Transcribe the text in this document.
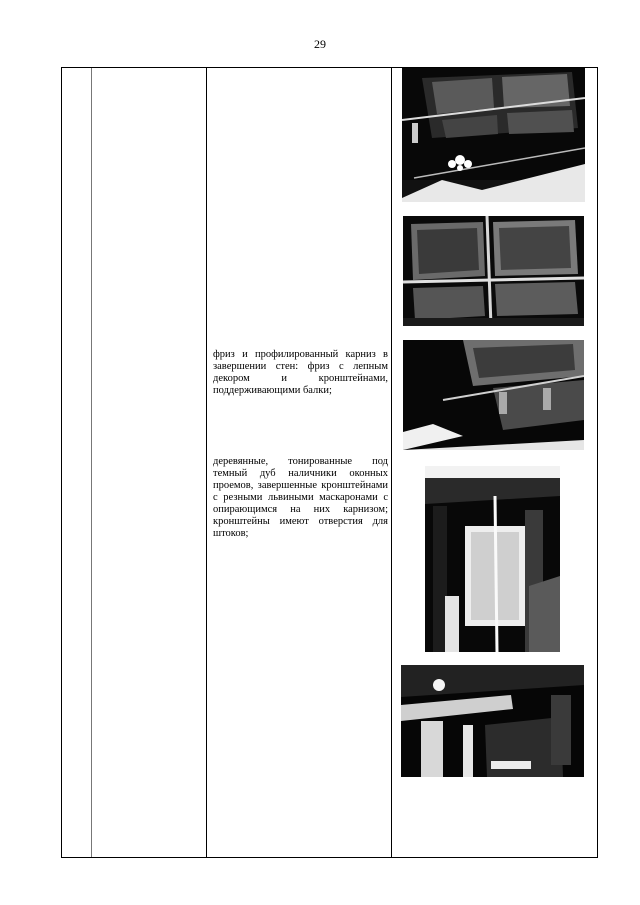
29
фриз и профилированный карниз в завершении стен: фриз с лепным декором и кронштейнами, поддерживающими балки;
деревянные, тонированные под темный дуб наличники оконных проемов, завершенные кронштейнами с резными львиными маскаронами с опирающимся на них карнизом; кронштейны имеют отверстия для штоков;
